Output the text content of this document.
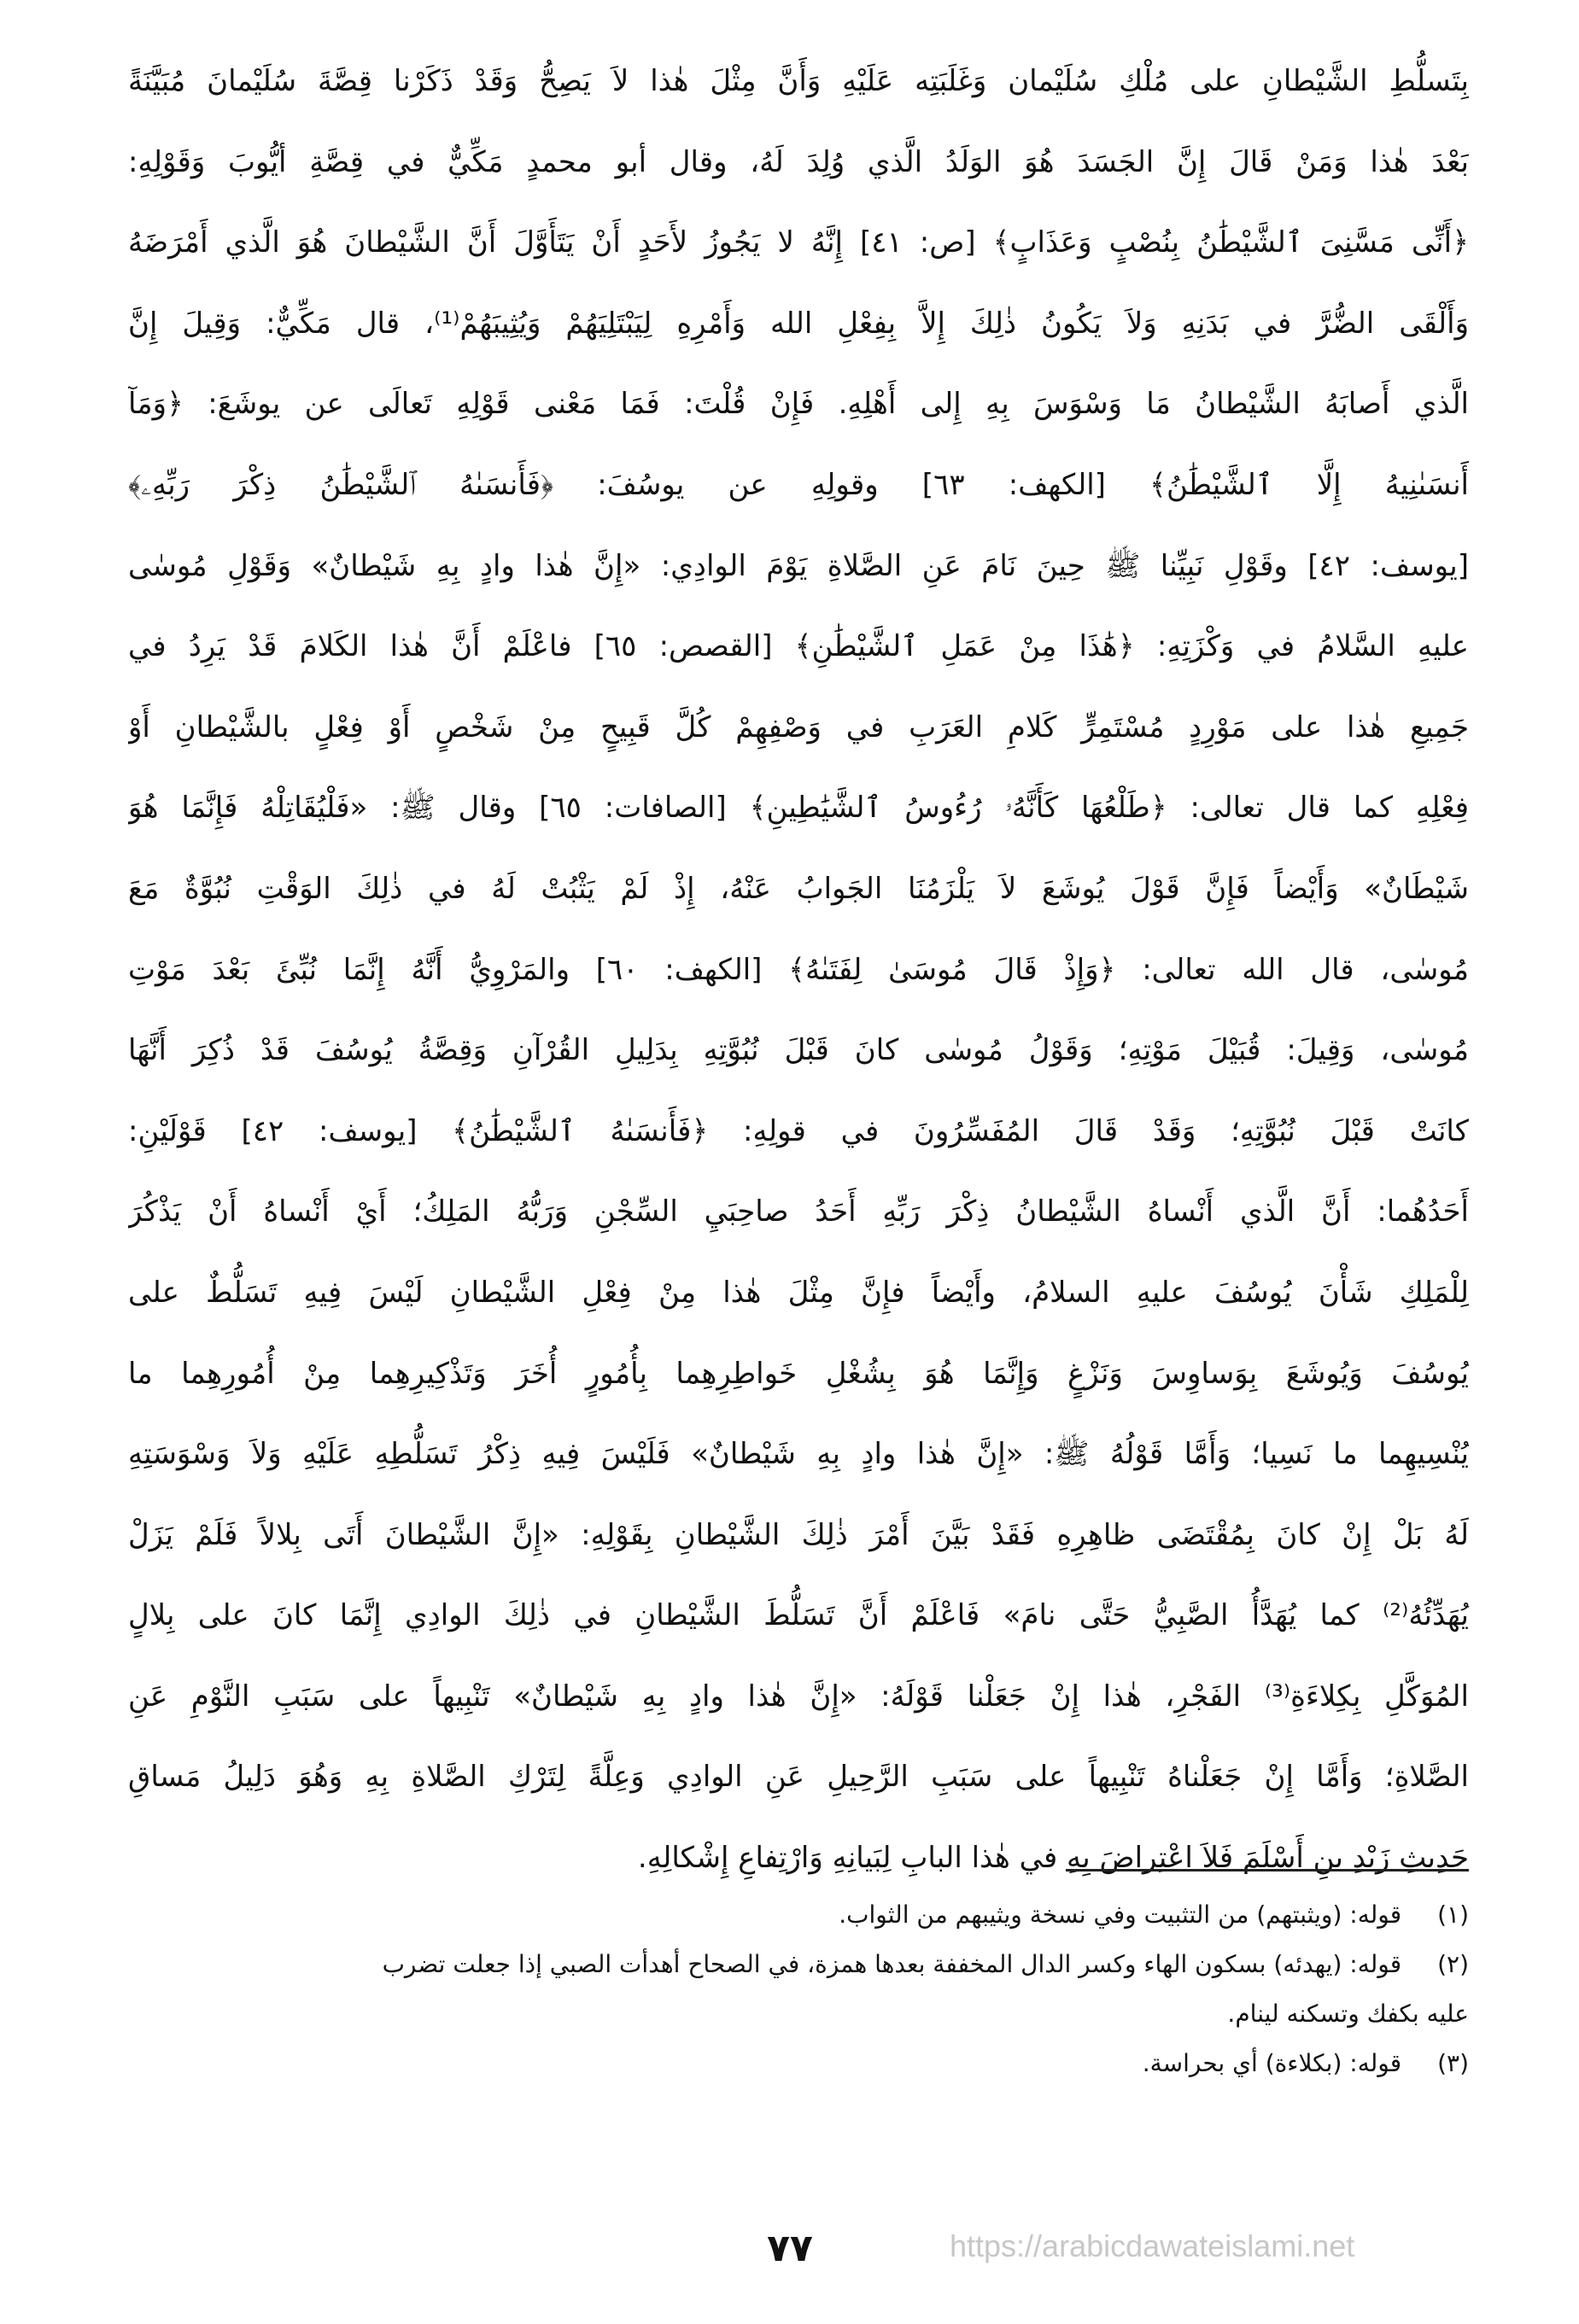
بِتَسلُّطِ الشَّيْطانِ على مُلْكِ سُلَيْمان وَغَلَبَتِه عَلَيْهِ وَأَنَّ مِثْلَ هٰذا لاَ يَصِحُّ وَقَدْ ذَكَرْنا قِصَّةَ سُلَيْمانَ مُبَيَّنَةً
بَعْدَ هٰذا وَمَنْ قَالَ إِنَّ الجَسَدَ هُوَ الوَلَدُ الَّذي وُلِدَ لَهُ، وقال أبو محمدٍ مَكِّيٌّ في قِصَّةِ أيُّوبَ وَقَوْلِهِ:
﴿أَنِّى مَسَّنِىَ ٱلشَّيْطَٰنُ بِنُصْبٍ وَعَذَابٍ﴾ [ص: ٤١] إِنَّهُ لا يَجُوزُ لأَحَدٍ أَنْ يَتَأَوَّلَ أَنَّ الشَّيْطانَ هُوَ الَّذي أَمْرَضَهُ
وَأَلْقَى الضُّرَّ في بَدَنِهِ وَلاَ يَكُونُ ذٰلِكَ إِلاَّ بِفِعْلِ الله وَأَمْرِهِ لِيَبْتَلِيَهُمْ وَيُثِيبَهُمْ⁽¹⁾، قال مَكِّيٌّ: وَقِيلَ إِنَّ
الَّذي أَصابَهُ الشَّيْطانُ مَا وَسْوَسَ بِهِ إِلى أَهْلِهِ. فَإِنْ قُلْتَ: فَمَا مَعْنى قَوْلِهِ تَعالَى عن يوشَعَ: ﴿وَمَآ
أَنسَىٰنِيهُ إِلَّا ٱلشَّيْطَٰنُ﴾ [الكهف: ٦٣] وقولِهِ عن يوسُفَ: ﴿فَأَنسَىٰهُ ٱلشَّيْطَٰنُ ذِكْرَ رَبِّهِۦ﴾
[يوسف: ٤٢] وقَوْلِ نَبِيِّنا ﷺ حِينَ نَامَ عَنِ الصَّلاةِ يَوْمَ الوادِي: «إِنَّ هٰذا وادٍ بِهِ شَيْطانٌ» وَقَوْلِ مُوسٰى
عليهِ السَّلامُ في وَكْزَتِهِ: ﴿هَٰذَا مِنْ عَمَلِ ٱلشَّيْطَٰنِ﴾ [القصص: ٦٥] فاعْلَمْ أَنَّ هٰذا الكَلامَ قَدْ يَرِدُ في
جَمِيعِ هٰذا على مَوْرِدٍ مُسْتَمِرٍّ كَلامِ العَرَبِ في وَصْفِهِمْ كُلَّ قَبِيحٍ مِنْ شَخْصٍ أَوْ فِعْلٍ بالشَّيْطانِ أَوْ
فِعْلِهِ كما قال تعالى: ﴿طَلْعُهَا كَأَنَّهُۥ رُءُوسُ ٱلشَّيَٰطِينِ﴾ [الصافات: ٦٥] وقال ﷺ: «فَلْيُقَاتِلْهُ فَإِنَّمَا هُوَ
شَيْطَانٌ» وَأَيْضاً فَإِنَّ قَوْلَ يُوشَعَ لاَ يَلْزَمُنَا الجَوابُ عَنْهُ، إِذْ لَمْ يَثْبُتْ لَهُ في ذٰلِكَ الوَقْتِ نُبُوَّةٌ مَعَ
مُوسٰى، قال الله تعالى: ﴿وَإِذْ قَالَ مُوسَىٰ لِفَتَىٰهُ﴾ [الكهف: ٦٠] والمَرْوِيُّ أَنَّهُ إِنَّمَا نُبِّئَ بَعْدَ مَوْتِ
مُوسٰى، وَقِيلَ: قُبَيْلَ مَوْتِهِ؛ وَقَوْلُ مُوسٰى كانَ قَبْلَ نُبُوَّتِهِ بِدَلِيلِ القُرْآنِ وَقِصَّةُ يُوسُفَ قَدْ ذُكِرَ أَنَّهَا
كانَتْ قَبْلَ نُبُوَّتِهِ؛ وَقَدْ قَالَ المُفَسِّرُونَ في قولِهِ: ﴿فَأَنسَىٰهُ ٱلشَّيْطَٰنُ﴾ [يوسف: ٤٢] قَوْلَيْنِ:
أَحَدُهُما: أَنَّ الَّذي أَنْساهُ الشَّيْطانُ ذِكْرَ رَبِّهِ أَحَدُ صاحِبَيِ السِّجْنِ وَرَبُّهُ المَلِكُ؛ أَيْ أَنْساهُ أَنْ يَذْكُرَ
لِلْمَلِكِ شَأْنَ يُوسُفَ عليهِ السلامُ، وأَيْضاً فإِنَّ مِثْلَ هٰذا مِنْ فِعْلِ الشَّيْطانِ لَيْسَ فِيهِ تَسَلُّطٌ على
يُوسُفَ وَيُوشَعَ بِوَساوِسَ وَنَزْغٍ وَإِنَّمَا هُوَ بِشُغْلِ خَواطِرِهِما بِأُمُورٍ أُخَرَ وَتَذْكِيرِهِما مِنْ أُمُورِهِما ما
يُنْسِيهِما ما نَسِيا؛ وَأَمَّا قَوْلُهُ ﷺ: «إِنَّ هٰذا وادٍ بِهِ شَيْطانٌ» فَلَيْسَ فِيهِ ذِكْرُ تَسَلُّطِهِ عَلَيْهِ وَلاَ وَسْوَسَتِهِ
لَهُ بَلْ إِنْ كانَ بِمُقْتَضَى ظاهِرِهِ فَقَدْ بَيَّنَ أَمْرَ ذٰلِكَ الشَّيْطانِ بِقَوْلِهِ: «إِنَّ الشَّيْطانَ أَتَى بِلالاً فَلَمْ يَزَلْ
يُهَدِّئُهُ⁽²⁾ كما يُهَدَّأُ الصَّبِيُّ حَتَّى نامَ» فَاعْلَمْ أَنَّ تَسَلُّطَ الشَّيْطانِ في ذٰلِكَ الوادِي إِنَّمَا كانَ على بِلالٍ
المُوَكَّلِ بِكِلاءَةِ⁽³⁾ الفَجْرِ، هٰذا إِنْ جَعَلْنا قَوْلَهُ: «إِنَّ هٰذا وادٍ بِهِ شَيْطانٌ» تَنْبِيهاً على سَبَبِ النَّوْمِ عَنِ
الصَّلاةِ؛ وَأَمَّا إِنْ جَعَلْناهُ تَنْبِيهاً على سَبَبِ الرَّحِيلِ عَنِ الوادِي وَعِلَّةً لِتَرْكِ الصَّلاةِ بِهِ وَهُوَ دَلِيلُ مَساقِ
حَدِيثِ زَيْدِ بنِ أَسْلَمَ فَلاَ اعْتِراضَ بِهِ في هٰذا البابِ لِبَيانِهِ وَارْتِفاعِ إِشْكالِهِ.
(١) قوله: (ويثبتهم) من التثبيت وفي نسخة ويثيبهم من الثواب.
(٢) قوله: (يهدئه) بسكون الهاء وكسر الدال المخففة بعدها همزة، في الصحاح أهدأت الصبي إذا جعلت تضرب
عليه بكفك وتسكنه لينام.
(٣) قوله: (بكلاءة) أي بحراسة.
٧٧	https://arabicdawateislami.net
